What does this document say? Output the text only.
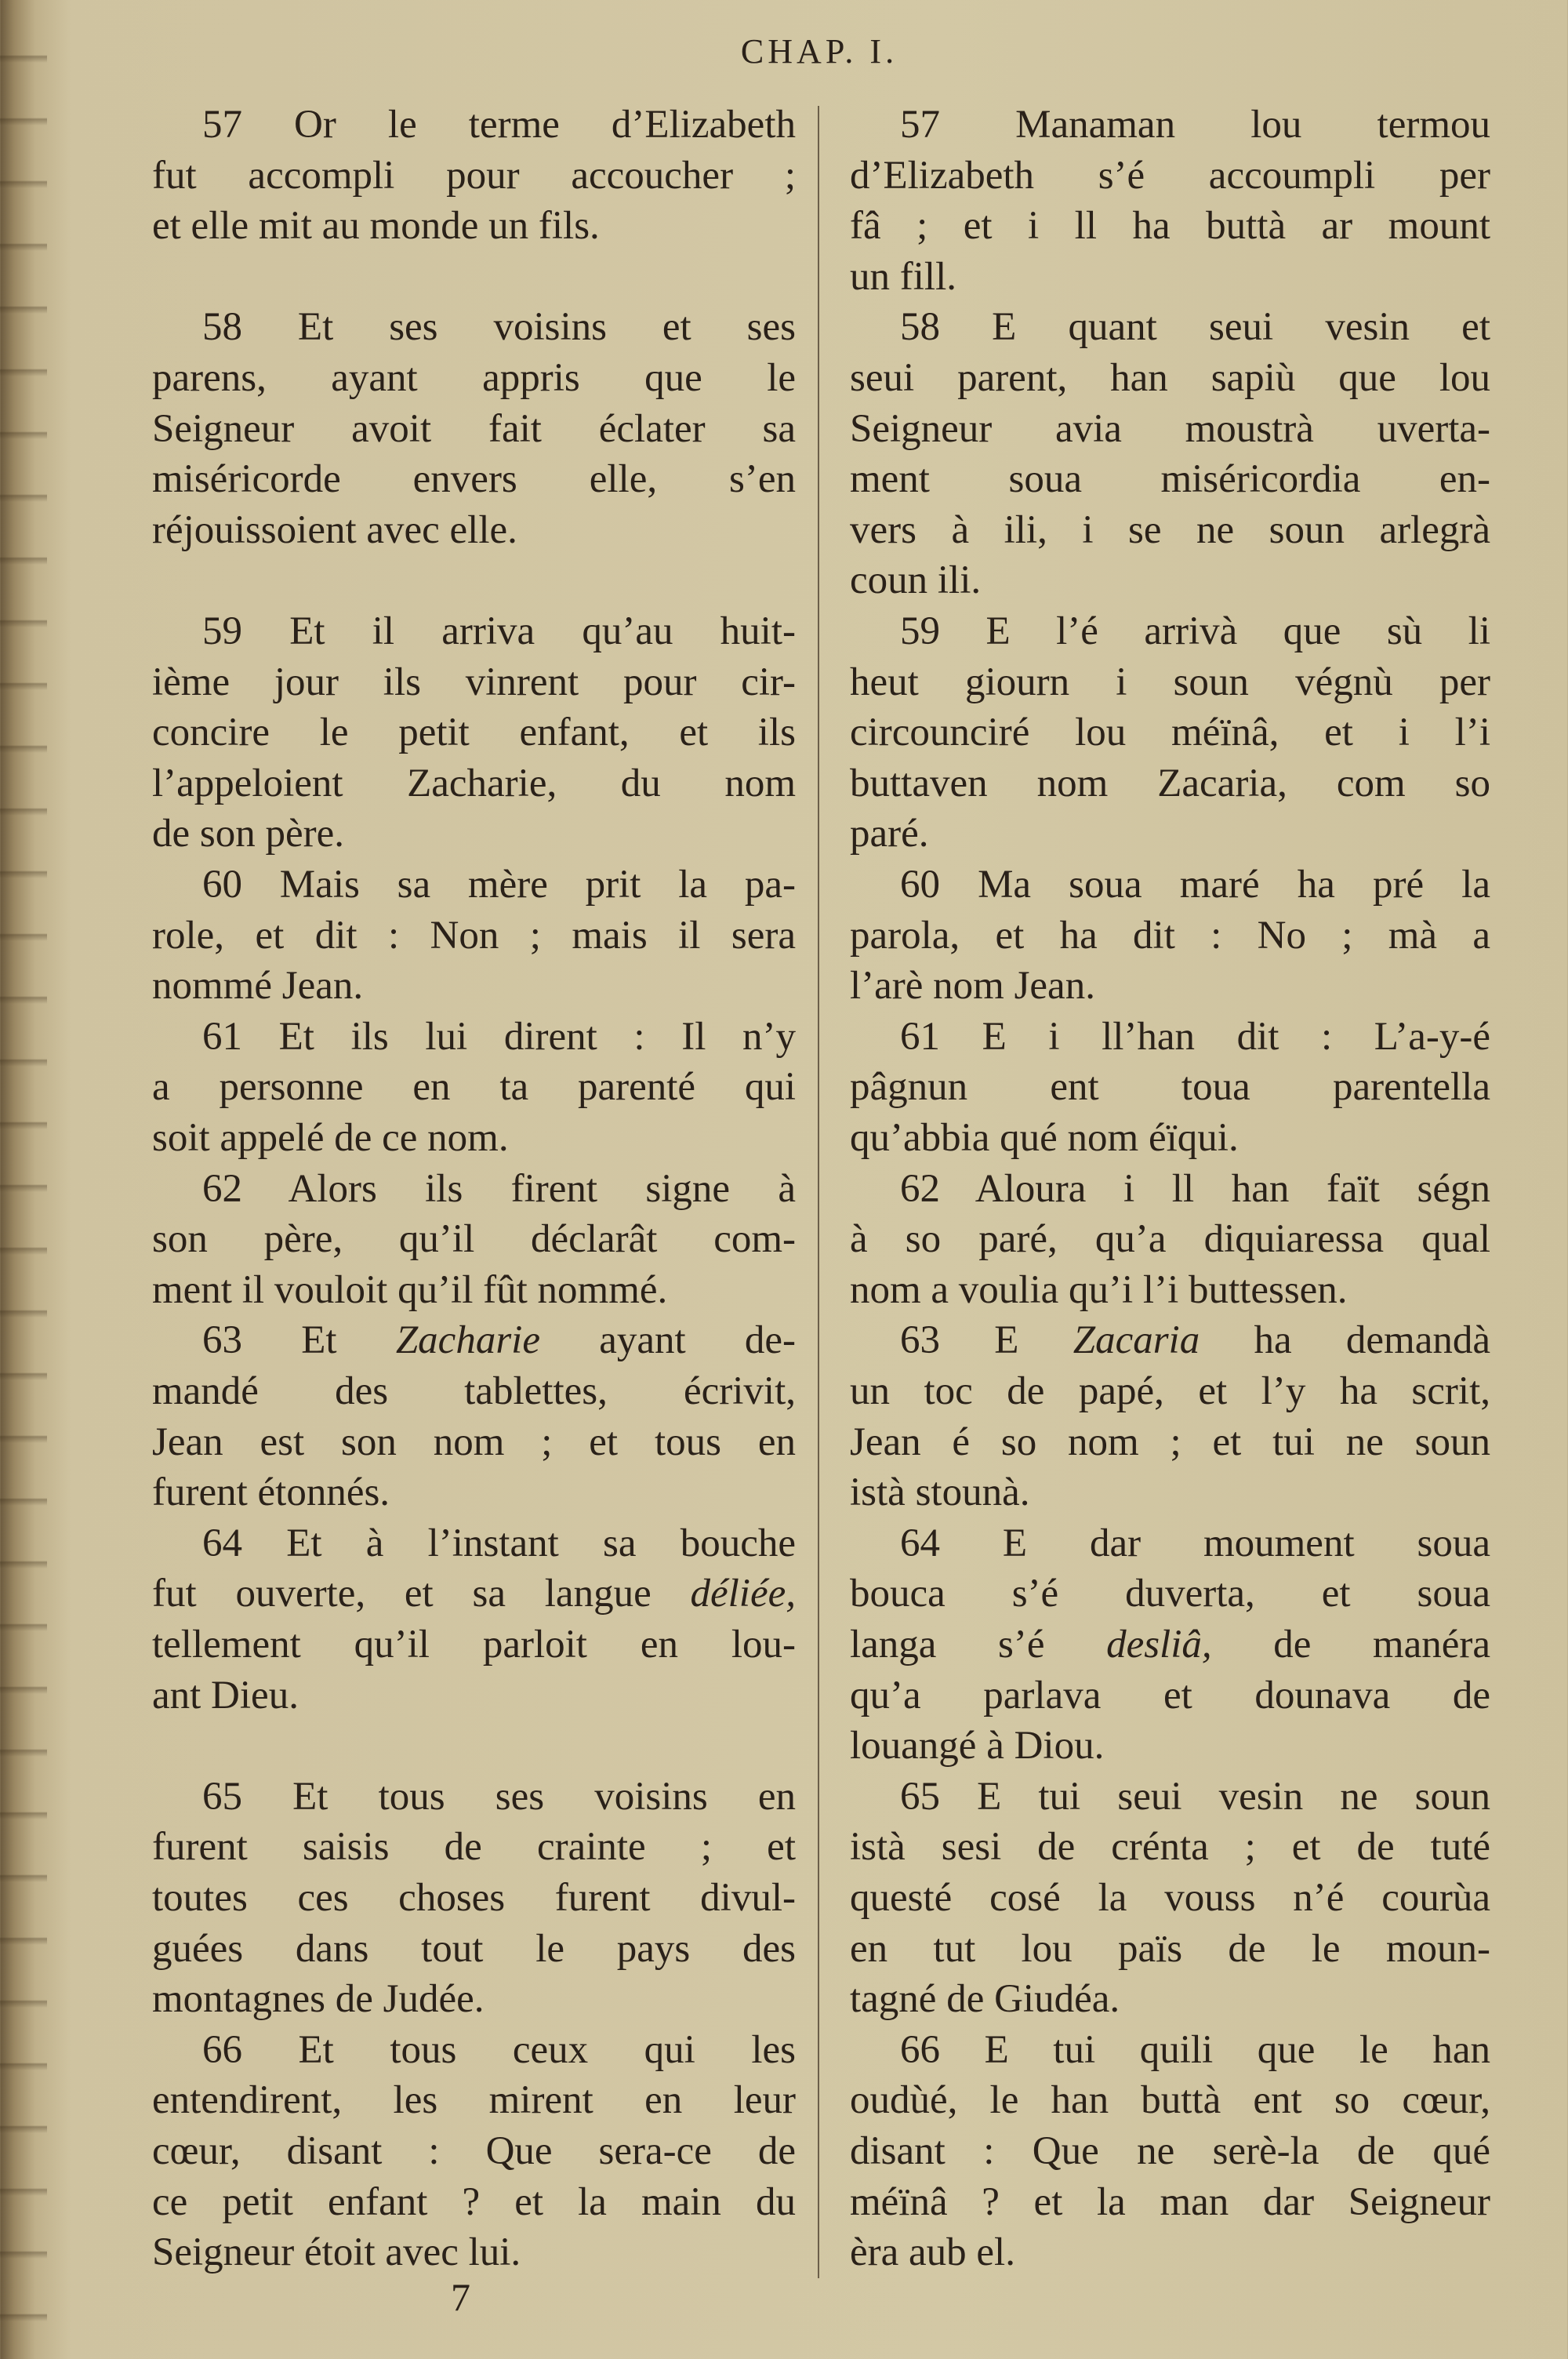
CHAP. I.
57 Or le terme d’Elizabeth
fut accompli pour accoucher ;
et elle mit au monde un fils.
58 Et ses voisins et ses
parens, ayant appris que le
Seigneur avoit fait éclater sa
miséricorde envers elle, s’en
réjouissoient avec elle.
59 Et il arriva qu’au huit-
ième jour ils vinrent pour cir-
concire le petit enfant, et ils
l’appeloient Zacharie, du nom
de son père.
60 Mais sa mère prit la pa-
role, et dit : Non ; mais il sera
nommé Jean.
61 Et ils lui dirent : Il n’y
a personne en ta parenté qui
soit appelé de ce nom.
62 Alors ils firent signe à
son père, qu’il déclarât com-
ment il vouloit qu’il fût nommé.
63 Et Zacharie ayant de-
mandé des tablettes, écrivit,
Jean est son nom ; et tous en
furent étonnés.
64 Et à l’instant sa bouche
fut ouverte, et sa langue déliée,
tellement qu’il parloit en lou-
ant Dieu.
65 Et tous ses voisins en
furent saisis de crainte ; et
toutes ces choses furent divul-
guées dans tout le pays des
montagnes de Judée.
66 Et tous ceux qui les
entendirent, les mirent en leur
cœur, disant : Que sera-ce de
ce petit enfant ? et la main du
Seigneur étoit avec lui.
57 Manaman lou termou
d’Elizabeth s’é accoumpli per
fâ ; et i ll ha buttà ar mount
un fill.
58 E quant seui vesin et
seui parent, han sapiù que lou
Seigneur avia moustrà uverta-
ment soua miséricordia en-
vers à ili, i se ne soun arlegrà
coun ili.
59 E l’é arrivà que sù li
heut giourn i soun végnù per
circounciré lou méïnâ, et i l’i
buttaven nom Zacaria, com so
paré.
60 Ma soua maré ha pré la
parola, et ha dit : No ; mà a
l’arè nom Jean.
61 E i ll’han dit : L’a-y-é
pâgnun ent toua parentella
qu’abbia qué nom éïqui.
62 Aloura i ll han faït ségn
à so paré, qu’a diquiaressa qual
nom a voulia qu’i l’i buttessen.
63 E Zacaria ha demandà
un toc de papé, et l’y ha scrit,
Jean é so nom ; et tui ne soun
istà stounà.
64 E dar moument soua
bouca s’é duverta, et soua
langa s’é desliâ, de manéra
qu’a parlava et dounava de
louangé à Diou.
65 E tui seui vesin ne soun
istà sesi de crénta ; et de tuté
questé cosé la vouss n’é courùa
en tut lou païs de le moun-
tagné de Giudéa.
66 E tui quili que le han
oudùé, le han buttà ent so cœur,
disant : Que ne serè-la de qué
méïnâ ? et la man dar Seigneur
èra aub el.
7
